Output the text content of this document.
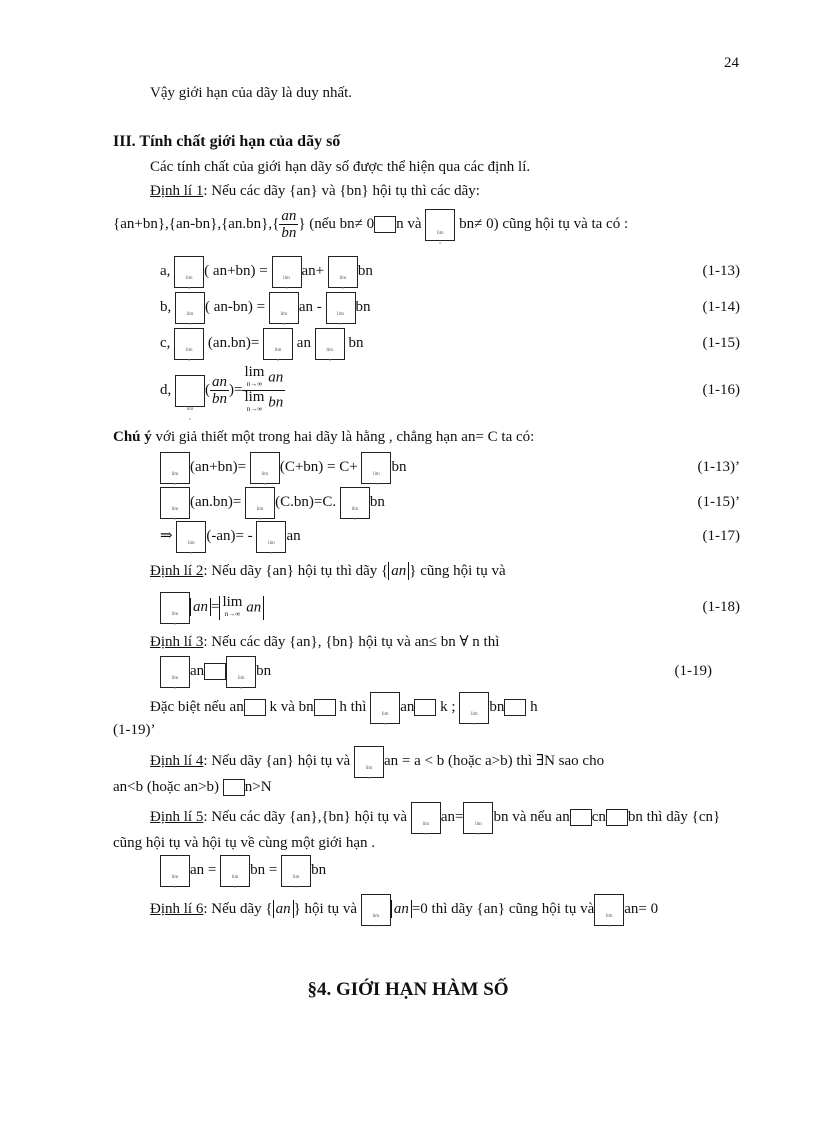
24
Vậy giới hạn của dãy là duy nhất.
III. Tính chất giới hạn của dãy số
Các tính chất của giới hạn dãy số được thể hiện qua các định lí.
Định lí 1: Nếu các dãy {an} và {bn} hội tụ thì các dãy:
$\{an+bn\},\{an-bn\},\{an.bn\},\{ \frac{an}{bn}$ } (nếu bn≠ 0 n và n lim	bn≠ 0) cũng hội tụ và ta có :
a, n lim ( an+bn) = n lim an+ n lim bn	(1-13)
b, n lim ( an-bn) = n lim an - n lim bn	(1-14)
c, n lim	(an.bn)= n lim	an n lim	bn	(1-15)
d, n lim ( $\frac{an}{bn}$ )= lim
n→∞ an
lim
n→∞ bn	(1-16)
Chú ý với giả thiết một trong hai dãy là hằng , chẳng hạn an= C ta có:
n lim(an+bn)= n lim (C+bn) = C+ n lim bn	(1-13)’
n lim(an.bn)= n lim (C.bn)=C. n lim bn	(1-15)’
⇒ n lim (-an)= - n lim an	(1-17)
Định lí 2: Nếu dãy {an} hội tụ thì dãy { an } cũng hội tụ và
n liman = lim
n→∞ an	(1-18)
Định lí 3: Nếu các dãy {an}, {bn} hội tụ và an≤ bn ∀ n thì
n liman n lim	bn	(1-19)
Đặc biệt nếu an k và bn h thì n lim an k ; n lim bn h
(1-19)’
Định lí 4: Nếu dãy {an} hội tụ và n lim an = a < b (hoặc a>b) thì ∃N sao cho
an<b (hoặc an>b) n>N
Định lí 5: Nếu các dãy {an},{bn} hội tụ và n lim an= n lim bn và nếu an cn bn thì dãy {cn}
cũng hội tụ và hội tụ về cùng một giới hạn .
n liman = n lim bn = n lim bn
Định lí 6: Nếu dãy { an } hội tụ và n lim an =0 thì dãy {an} cũng hội tụ và n lim an= 0
§4. GIỚI HẠN HÀM SỐ
